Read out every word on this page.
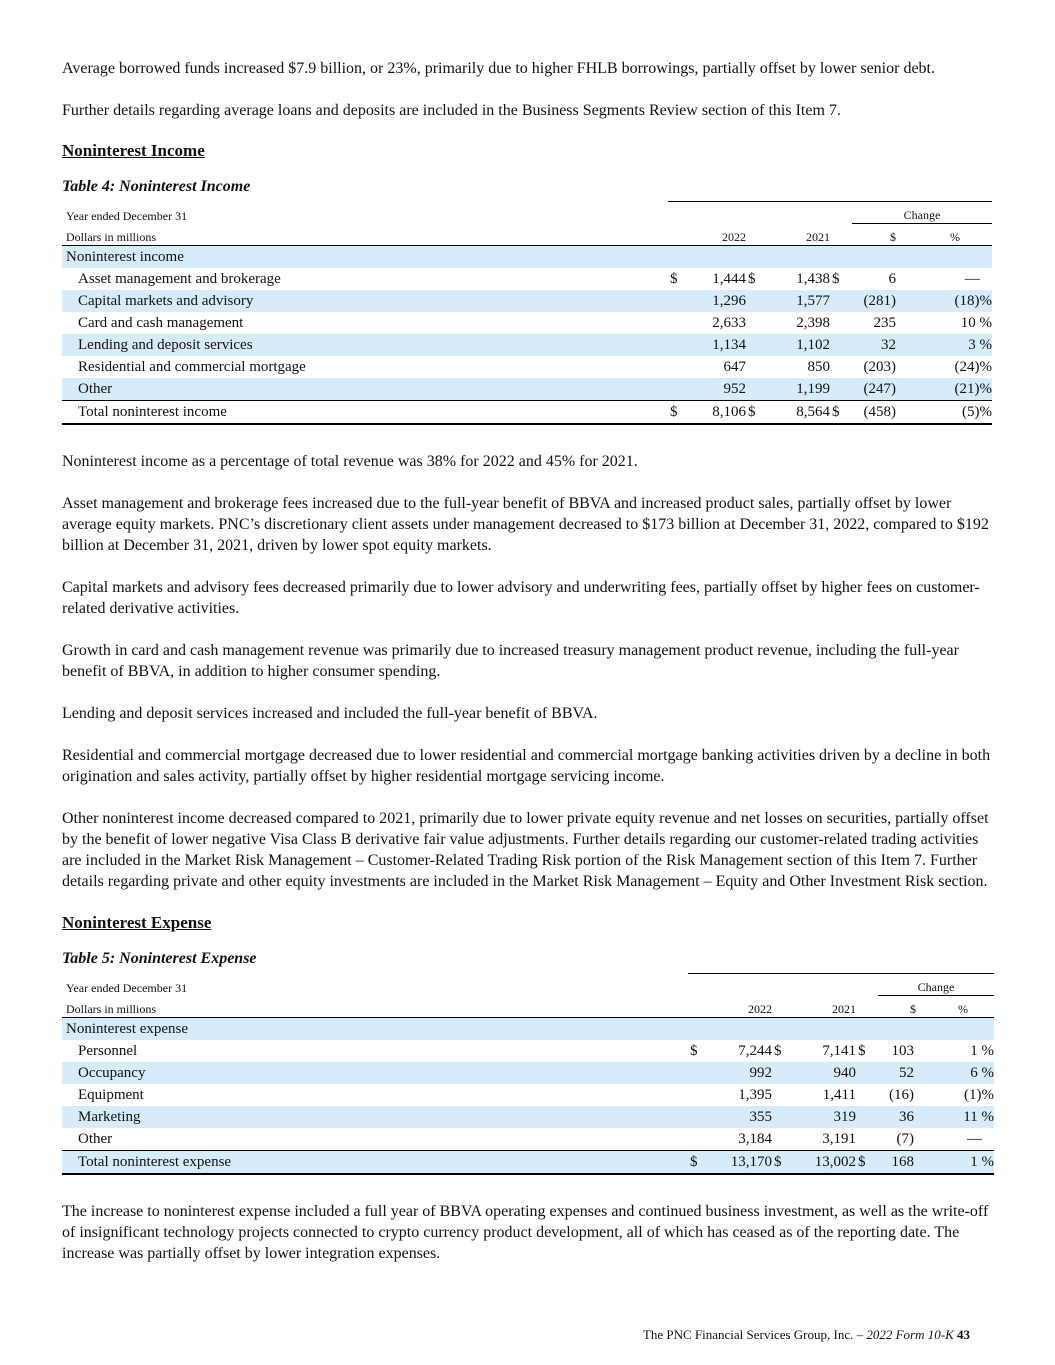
Average borrowed funds increased $7.9 billion, or 23%, primarily due to higher FHLB borrowings, partially offset by lower senior debt.

Further details regarding average loans and deposits are included in the Business Segments Review section of this Item 7.

Noninterest Income
Table 4: Noninterest Income
Year ended December 31						Change	
Dollars in millions		2022		2021		$	%
Noninterest income							
Asset management and brokerage	$	1,444	$	1,438	$	6	—
Capital markets and advisory		1,296		1,577		(281)	(18)%
Card and cash management		2,633		2,398		235	10 %
Lending and deposit services		1,134		1,102		32	3 %
Residential and commercial mortgage		647		850		(203)	(24)%
Other		952		1,199		(247)	(21)%
Total noninterest income	$	8,106	$	8,564	$	(458)	(5)%

Noninterest income as a percentage of total revenue was 38% for 2022 and 45% for 2021.

Asset management and brokerage fees increased due to the full-year benefit of BBVA and increased product sales, partially offset by lower average equity markets. PNC’s discretionary client assets under management decreased to $173 billion at December 31, 2022, compared to $192 billion at December 31, 2021, driven by lower spot equity markets.

Capital markets and advisory fees decreased primarily due to lower advisory and underwriting fees, partially offset by higher fees on customer-related derivative activities.

Growth in card and cash management revenue was primarily due to increased treasury management product revenue, including the full-year benefit of BBVA, in addition to higher consumer spending.

Lending and deposit services increased and included the full-year benefit of BBVA.

Residential and commercial mortgage decreased due to lower residential and commercial mortgage banking activities driven by a decline in both origination and sales activity, partially offset by higher residential mortgage servicing income.

Other noninterest income decreased compared to 2021, primarily due to lower private equity revenue and net losses on securities, partially offset by the benefit of lower negative Visa Class B derivative fair value adjustments. Further details regarding our customer-related trading activities are included in the Market Risk Management – Customer-Related Trading Risk portion of the Risk Management section of this Item 7. Further details regarding private and other equity investments are included in the Market Risk Management – Equity and Other Investment Risk section.

Noninterest Expense
Table 5: Noninterest Expense
Year ended December 31						Change	
Dollars in millions		2022		2021		$	%
Noninterest expense							
Personnel	$	7,244	$	7,141	$	103	1 %
Occupancy		992		940		52	6 %
Equipment		1,395		1,411		(16)	(1)%
Marketing		355		319		36	11 %
Other		3,184		3,191		(7)	—
Total noninterest expense	$	13,170	$	13,002	$	168	1 %

The increase to noninterest expense included a full year of BBVA operating expenses and continued business investment, as well as the write-off of insignificant technology projects connected to crypto currency product development, all of which has ceased as of the reporting date. The increase was partially offset by lower integration expenses.

The PNC Financial Services Group, Inc. – 2022 Form 10-K 43
